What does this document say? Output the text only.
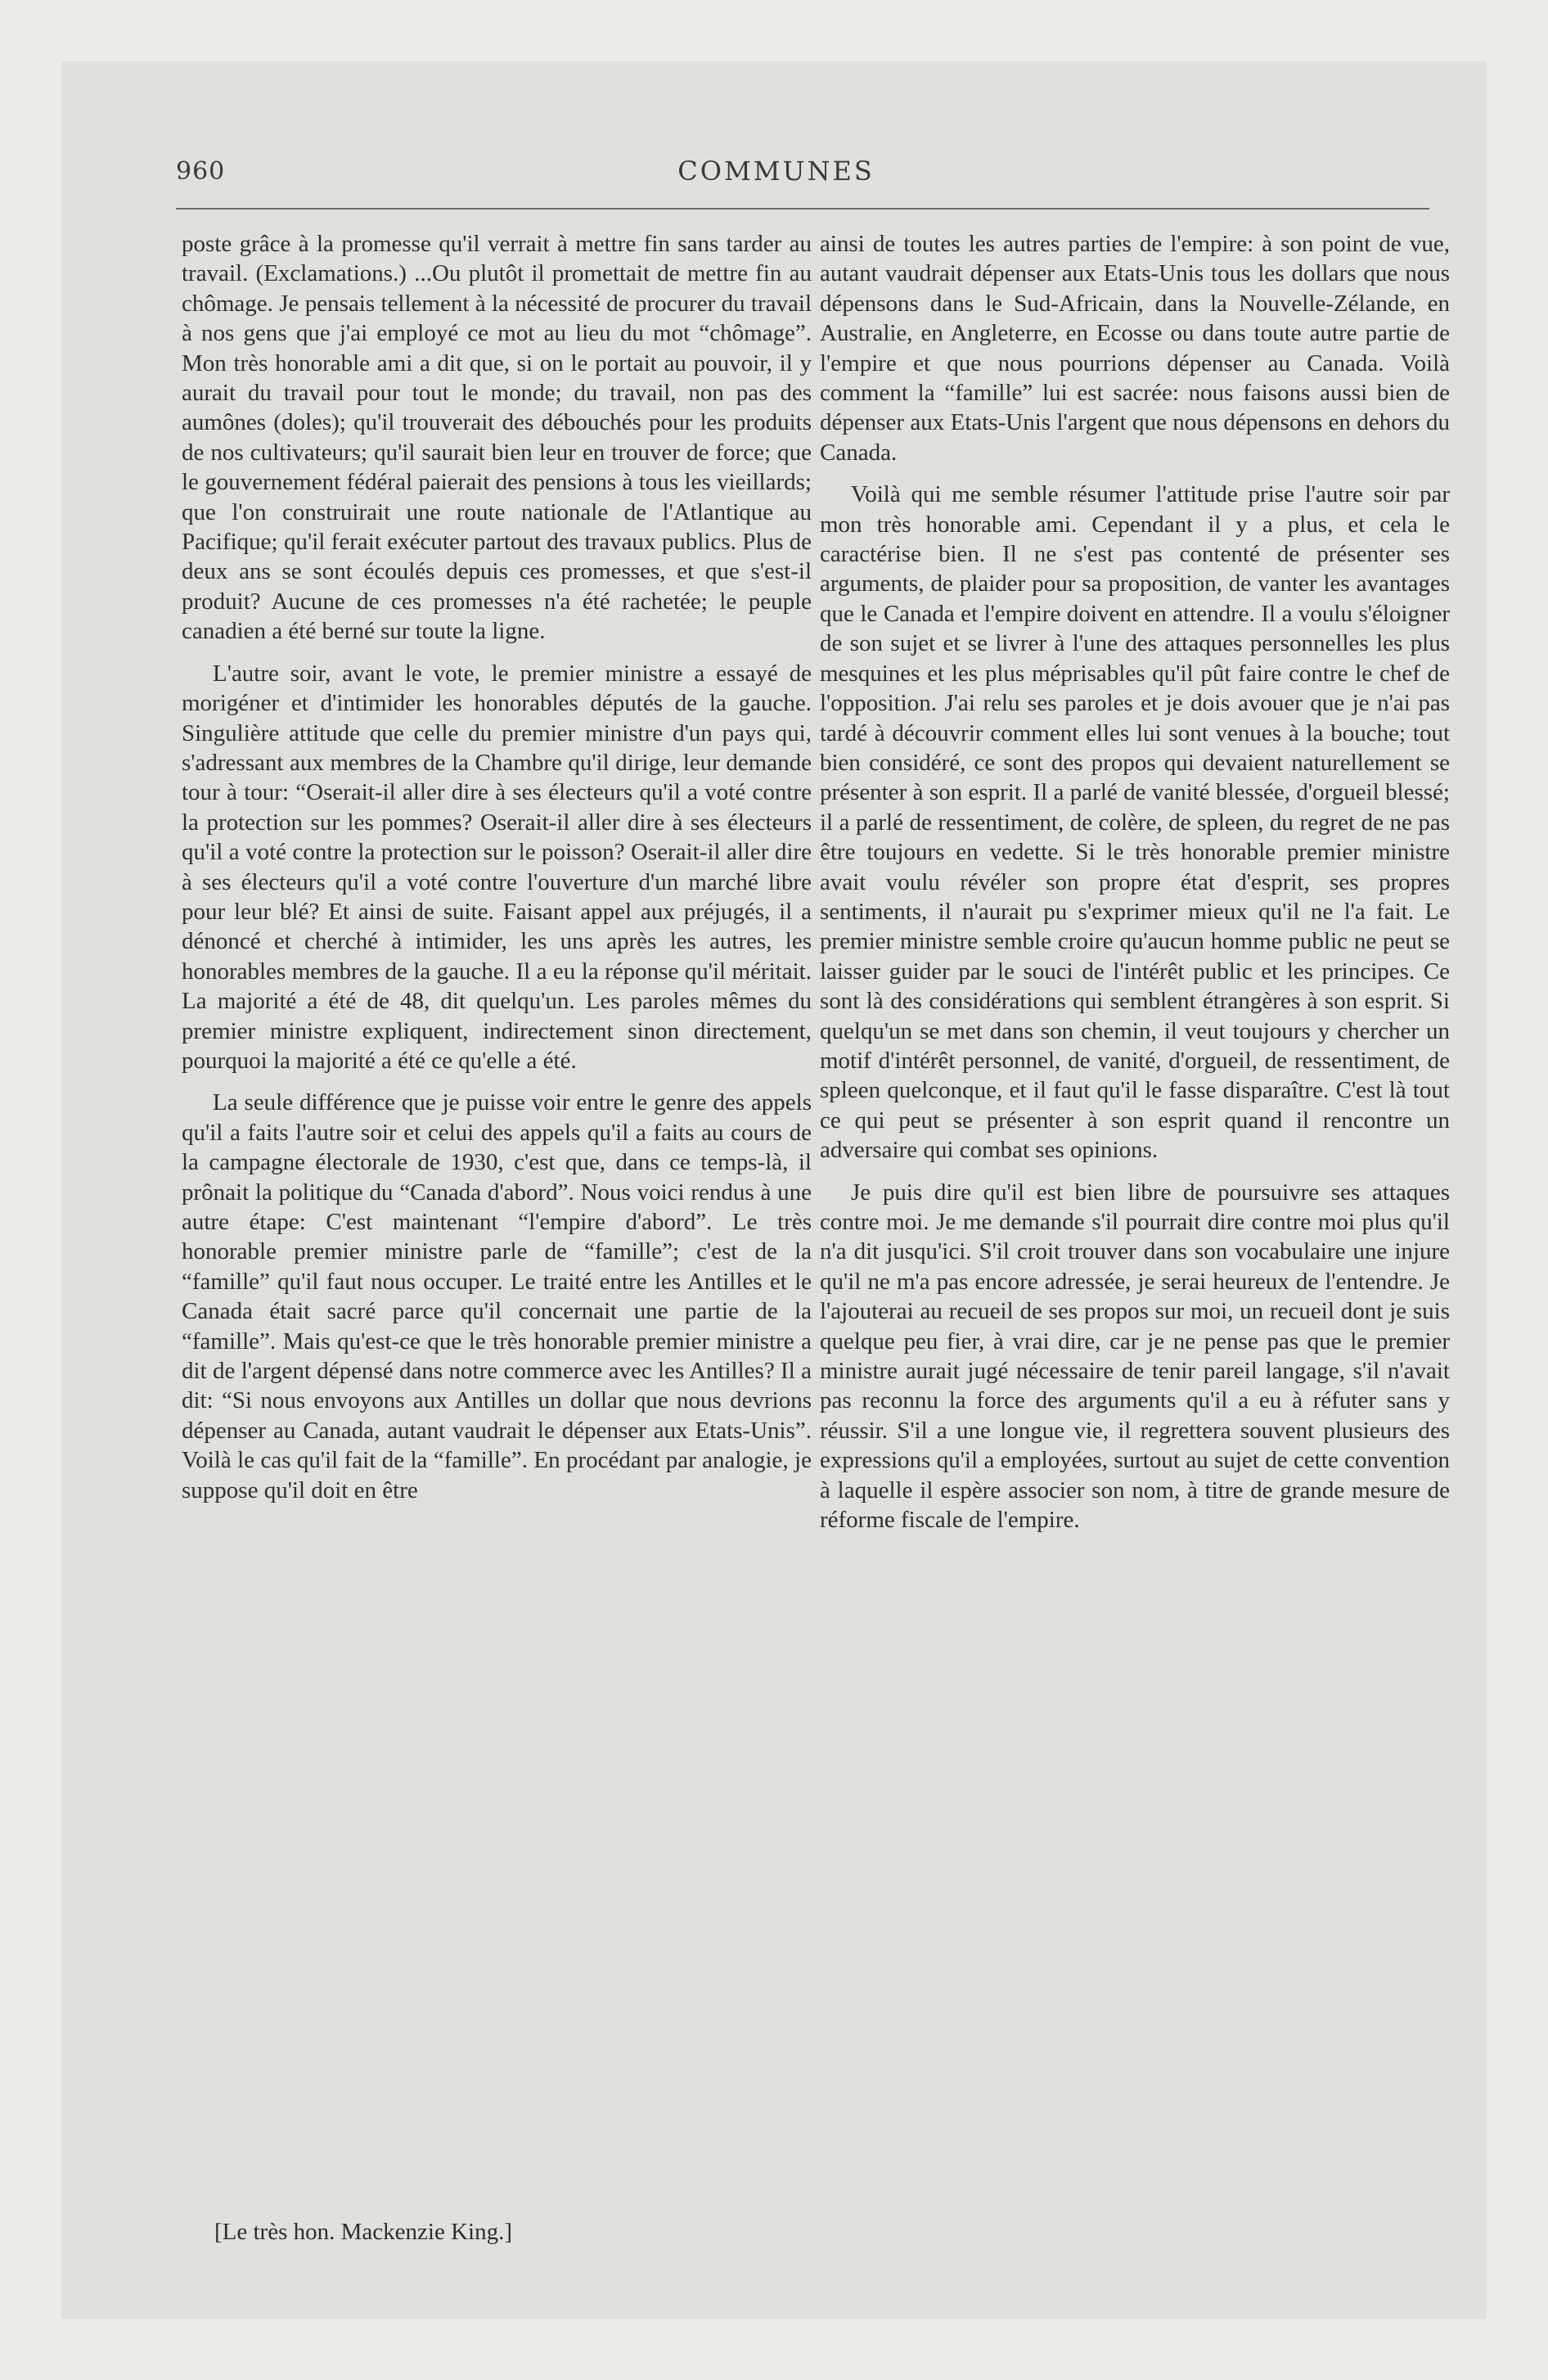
960	COMMUNES

poste grâce à la promesse qu'il verrait à mettre fin sans tarder au travail. (Exclamations.) ...Ou plutôt il promettait de mettre fin au chômage. Je pensais tellement à la nécessité de procurer du travail à nos gens que j'ai employé ce mot au lieu du mot “chômage”. Mon très honorable ami a dit que, si on le portait au pouvoir, il y aurait du travail pour tout le monde; du travail, non pas des aumônes (doles); qu'il trouverait des débouchés pour les produits de nos cultivateurs; qu'il saurait bien leur en trouver de force; que le gouvernement fédéral paierait des pensions à tous les vieillards; que l'on construirait une route nationale de l'Atlantique au Pacifique; qu'il ferait exécuter partout des travaux publics. Plus de deux ans se sont écoulés depuis ces promesses, et que s'est-il produit? Aucune de ces promesses n'a été rachetée; le peuple canadien a été berné sur toute la ligne.

L'autre soir, avant le vote, le premier ministre a essayé de morigéner et d'intimider les honorables députés de la gauche. Singulière attitude que celle du premier ministre d'un pays qui, s'adressant aux membres de la Chambre qu'il dirige, leur demande tour à tour: “Oserait-il aller dire à ses électeurs qu'il a voté contre la protection sur les pommes? Oserait-il aller dire à ses électeurs qu'il a voté contre la protection sur le poisson? Oserait-il aller dire à ses électeurs qu'il a voté contre l'ouverture d'un marché libre pour leur blé? Et ainsi de suite. Faisant appel aux préjugés, il a dénoncé et cherché à intimider, les uns après les autres, les honorables membres de la gauche. Il a eu la réponse qu'il méritait. La majorité a été de 48, dit quelqu'un. Les paroles mêmes du premier ministre expliquent, indirectement sinon directement, pourquoi la majorité a été ce qu'elle a été.

La seule différence que je puisse voir entre le genre des appels qu'il a faits l'autre soir et celui des appels qu'il a faits au cours de la campagne électorale de 1930, c'est que, dans ce temps-là, il prônait la politique du “Canada d'abord”. Nous voici rendus à une autre étape: C'est maintenant “l'empire d'abord”. Le très honorable premier ministre parle de “famille”; c'est de la “famille” qu'il faut nous occuper. Le traité entre les Antilles et le Canada était sacré parce qu'il concernait une partie de la “famille”. Mais qu'est-ce que le très honorable premier ministre a dit de l'argent dépensé dans notre commerce avec les Antilles? Il a dit: “Si nous envoyons aux Antilles un dollar que nous devrions dépenser au Canada, autant vaudrait le dépenser aux Etats-Unis”. Voilà le cas qu'il fait de la “famille”. En procédant par analogie, je suppose qu'il doit en être

[Le très hon. Mackenzie King.]

ainsi de toutes les autres parties de l'empire: à son point de vue, autant vaudrait dépenser aux Etats-Unis tous les dollars que nous dépensons dans le Sud-Africain, dans la Nouvelle-Zélande, en Australie, en Angleterre, en Ecosse ou dans toute autre partie de l'empire et que nous pourrions dépenser au Canada. Voilà comment la “famille” lui est sacrée: nous faisons aussi bien de dépenser aux Etats-Unis l'argent que nous dépensons en dehors du Canada.

Voilà qui me semble résumer l'attitude prise l'autre soir par mon très honorable ami. Cependant il y a plus, et cela le caractérise bien. Il ne s'est pas contenté de présenter ses arguments, de plaider pour sa proposition, de vanter les avantages que le Canada et l'empire doivent en attendre. Il a voulu s'éloigner de son sujet et se livrer à l'une des attaques personnelles les plus mesquines et les plus méprisables qu'il pût faire contre le chef de l'opposition. J'ai relu ses paroles et je dois avouer que je n'ai pas tardé à découvrir comment elles lui sont venues à la bouche; tout bien considéré, ce sont des propos qui devaient naturellement se présenter à son esprit. Il a parlé de vanité blessée, d'orgueil blessé; il a parlé de ressentiment, de colère, de spleen, du regret de ne pas être toujours en vedette. Si le très honorable premier ministre avait voulu révéler son propre état d'esprit, ses propres sentiments, il n'aurait pu s'exprimer mieux qu'il ne l'a fait. Le premier ministre semble croire qu'aucun homme public ne peut se laisser guider par le souci de l'intérêt public et les principes. Ce sont là des considérations qui semblent étrangères à son esprit. Si quelqu'un se met dans son chemin, il veut toujours y chercher un motif d'intérêt personnel, de vanité, d'orgueil, de ressentiment, de spleen quelconque, et il faut qu'il le fasse disparaître. C'est là tout ce qui peut se présenter à son esprit quand il rencontre un adversaire qui combat ses opinions.

Je puis dire qu'il est bien libre de poursuivre ses attaques contre moi. Je me demande s'il pourrait dire contre moi plus qu'il n'a dit jusqu'ici. S'il croit trouver dans son vocabulaire une injure qu'il ne m'a pas encore adressée, je serai heureux de l'entendre. Je l'ajouterai au recueil de ses propos sur moi, un recueil dont je suis quelque peu fier, à vrai dire, car je ne pense pas que le premier ministre aurait jugé nécessaire de tenir pareil langage, s'il n'avait pas reconnu la force des arguments qu'il a eu à réfuter sans y réussir. S'il a une longue vie, il regrettera souvent plusieurs des expressions qu'il a employées, surtout au sujet de cette convention à laquelle il espère associer son nom, à titre de grande mesure de réforme fiscale de l'empire.
